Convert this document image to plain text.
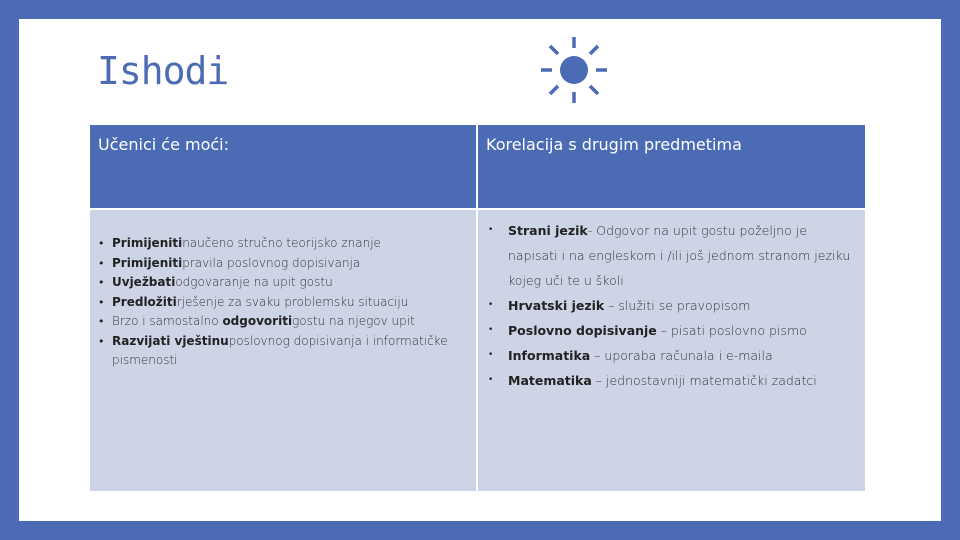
Ishodi
Učenici će moći:	Korelacija s drugim predmetima
• Primijenitinaučeno stručno teorijsko znanje
• Primijenitipravila poslovnog dopisivanja
• Uvježbatiodgovaranje na upit gostu
• Predložitirješenje za svaku problemsku situaciju
• Brzo i samostalno odgovoritigostu na njegov upit
• Razvijati vještinuposlovnog dopisivanja i informatičke pismenosti
• Strani jezik- Odgovor na upit gostu poželjno je napisati i na engleskom i /ili još jednom stranom jeziku kojeg uči te u školi
• Hrvatski jezik – služiti se pravopisom
• Poslovno dopisivanje – pisati poslovno pismo
• Informatika – uporaba računala i e-maila
• Matematika – jednostavniji matematički zadatci
